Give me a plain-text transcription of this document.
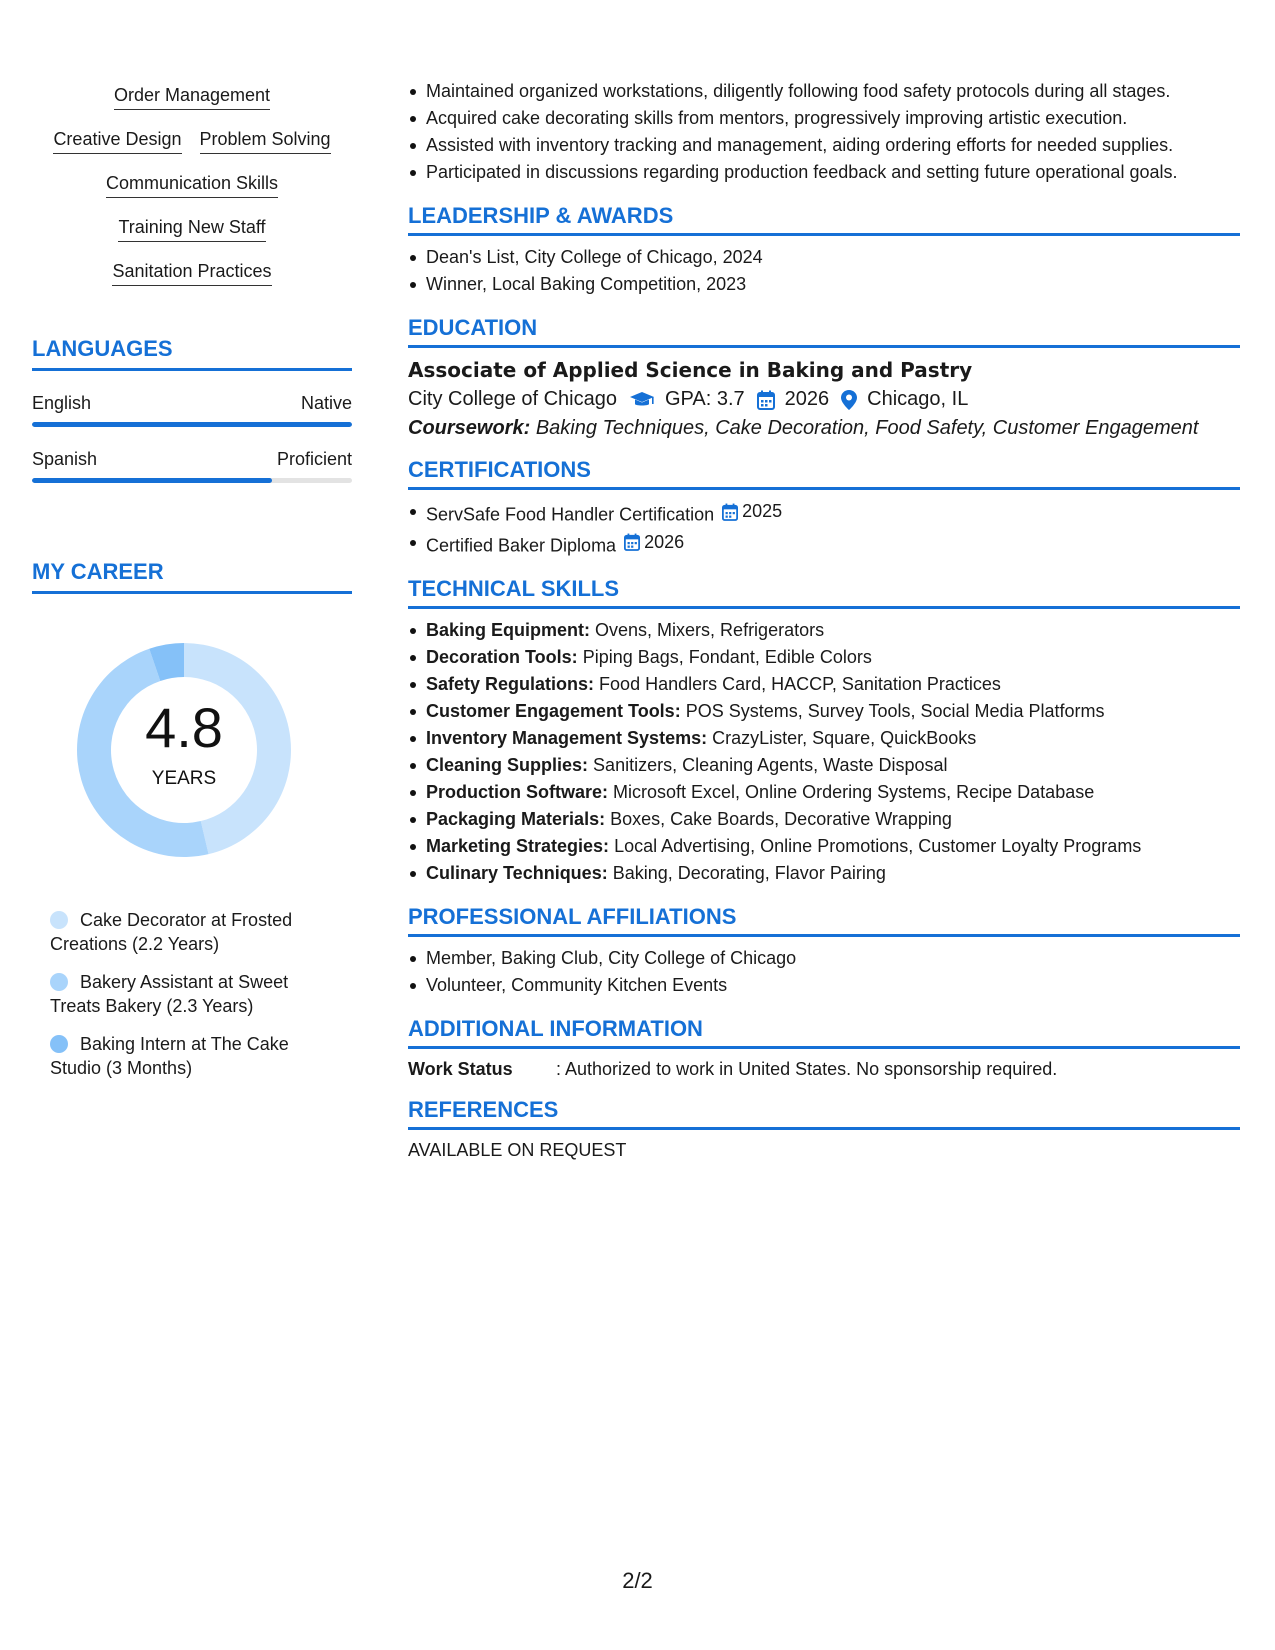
Order Management
Creative Design Problem Solving
Communication Skills
Training New Staff
Sanitation Practices
LANGUAGES
English	Native
Spanish	Proficient
MY CAREER
4.8
YEARS
Cake Decorator at Frosted Creations (2.2 Years)
Bakery Assistant at Sweet Treats Bakery (2.3 Years)
Baking Intern at The Cake Studio (3 Months)
Maintained organized workstations, diligently following food safety protocols during all stages.
Acquired cake decorating skills from mentors, progressively improving artistic execution.
Assisted with inventory tracking and management, aiding ordering efforts for needed supplies.
Participated in discussions regarding production feedback and setting future operational goals.
LEADERSHIP & AWARDS
Dean's List, City College of Chicago, 2024
Winner, Local Baking Competition, 2023
EDUCATION
Associate of Applied Science in Baking and Pastry
City College of Chicago GPA: 3.7 2026 Chicago, IL
Coursework: Baking Techniques, Cake Decoration, Food Safety, Customer Engagement
CERTIFICATIONS
ServSafe Food Handler Certification 2025
Certified Baker Diploma 2026
TECHNICAL SKILLS
Baking Equipment: Ovens, Mixers, Refrigerators
Decoration Tools: Piping Bags, Fondant, Edible Colors
Safety Regulations: Food Handlers Card, HACCP, Sanitation Practices
Customer Engagement Tools: POS Systems, Survey Tools, Social Media Platforms
Inventory Management Systems: CrazyLister, Square, QuickBooks
Cleaning Supplies: Sanitizers, Cleaning Agents, Waste Disposal
Production Software: Microsoft Excel, Online Ordering Systems, Recipe Database
Packaging Materials: Boxes, Cake Boards, Decorative Wrapping
Marketing Strategies: Local Advertising, Online Promotions, Customer Loyalty Programs
Culinary Techniques: Baking, Decorating, Flavor Pairing
PROFESSIONAL AFFILIATIONS
Member, Baking Club, City College of Chicago
Volunteer, Community Kitchen Events
ADDITIONAL INFORMATION
Work Status	: Authorized to work in United States. No sponsorship required.
REFERENCES
AVAILABLE ON REQUEST
2/2
